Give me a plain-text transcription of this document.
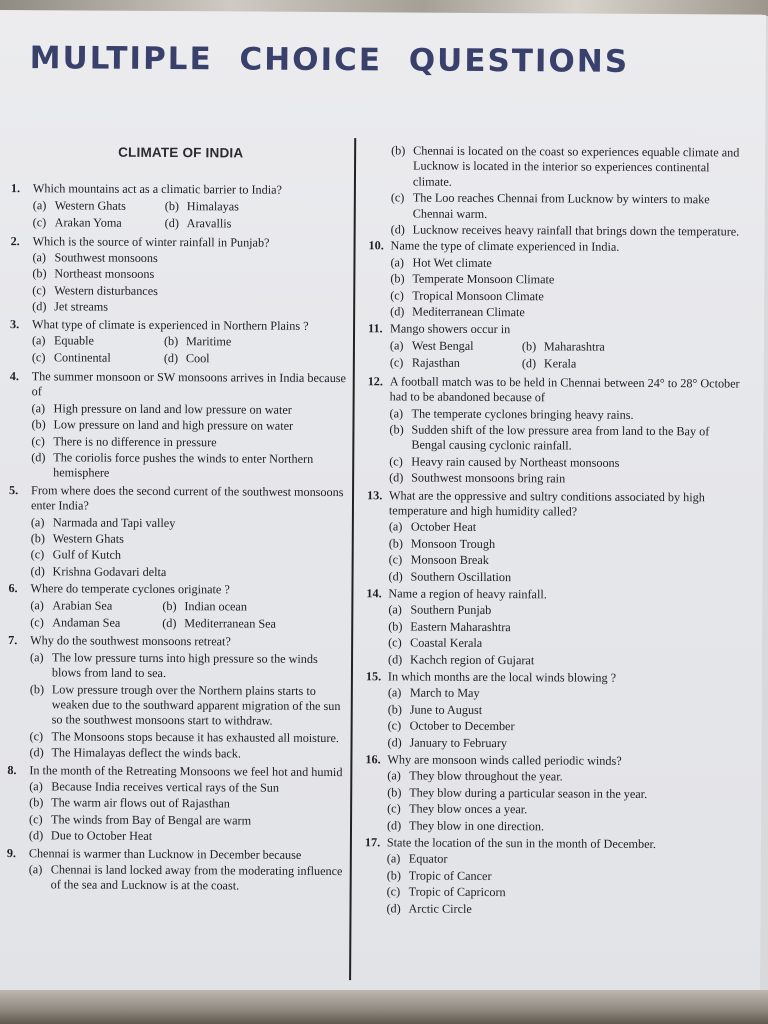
MULTIPLE CHOICE QUESTIONS
CLIMATE OF INDIA
1.	Which mountains act as a climatic barrier to India?
(a) Western Ghats	(b) Himalayas
(c) Arakan Yoma	(d) Aravallis
2.	Which is the source of winter rainfall in Punjab?
(a) Southwest monsoons
(b) Northeast monsoons
(c) Western disturbances
(d) Jet streams
3.	What type of climate is experienced in Northern Plains ?
(a) Equable	(b) Maritime
(c) Continental	(d) Cool
4.	The summer monsoon or SW monsoons arrives in India because of
(a) High pressure on land and low pressure on water
(b) Low pressure on land and high pressure on water
(c) There is no difference in pressure
(d) The coriolis force pushes the winds to enter Northern hemisphere
5.	From where does the second current of the southwest monsoons enter India?
(a) Narmada and Tapi valley
(b) Western Ghats
(c) Gulf of Kutch
(d) Krishna Godavari delta
6.	Where do temperate cyclones originate ?
(a) Arabian Sea	(b) Indian ocean
(c) Andaman Sea	(d) Mediterranean Sea
7.	Why do the southwest monsoons retreat?
(a) The low pressure turns into high pressure so the winds blows from land to sea.
(b) Low pressure trough over the Northern plains starts to weaken due to the southward apparent migration of the sun so the southwest monsoons start to withdraw.
(c) The Monsoons stops because it has exhausted all moisture.
(d) The Himalayas deflect the winds back.
8.	In the month of the Retreating Monsoons we feel hot and humid
(a) Because India receives vertical rays of the Sun
(b) The warm air flows out of Rajasthan
(c) The winds from Bay of Bengal are warm
(d) Due to October Heat
9.	Chennai is warmer than Lucknow in December because
(a) Chennai is land locked away from the moderating influence of the sea and Lucknow is at the coast.
(b) Chennai is located on the coast so experiences equable climate and Lucknow is located in the interior so experiences continental climate.
(c) The Loo reaches Chennai from Lucknow by winters to make Chennai warm.
(d) Lucknow receives heavy rainfall that brings down the temperature.
10. Name the type of climate experienced in India.
(a) Hot Wet climate
(b) Temperate Monsoon Climate
(c) Tropical Monsoon Climate
(d) Mediterranean Climate
11. Mango showers occur in
(a) West Bengal	(b) Maharashtra
(c) Rajasthan	(d) Kerala
12. A football match was to be held in Chennai between 24° to 28° October had to be abandoned because of
(a) The temperate cyclones bringing heavy rains.
(b) Sudden shift of the low pressure area from land to the Bay of Bengal causing cyclonic rainfall.
(c) Heavy rain caused by Northeast monsoons
(d) Southwest monsoons bring rain
13. What are the oppressive and sultry conditions associated by high temperature and high humidity called?
(a) October Heat
(b) Monsoon Trough
(c) Monsoon Break
(d) Southern Oscillation
14. Name a region of heavy rainfall.
(a) Southern Punjab
(b) Eastern Maharashtra
(c) Coastal Kerala
(d) Kachch region of Gujarat
15. In which months are the local winds blowing ?
(a) March to May
(b) June to August
(c) October to December
(d) January to February
16. Why are monsoon winds called periodic winds?
(a) They blow throughout the year.
(b) They blow during a particular season in the year.
(c) They blow onces a year.
(d) They blow in one direction.
17. State the location of the sun in the month of December.
(a) Equator
(b) Tropic of Cancer
(c) Tropic of Capricorn
(d) Arctic Circle
